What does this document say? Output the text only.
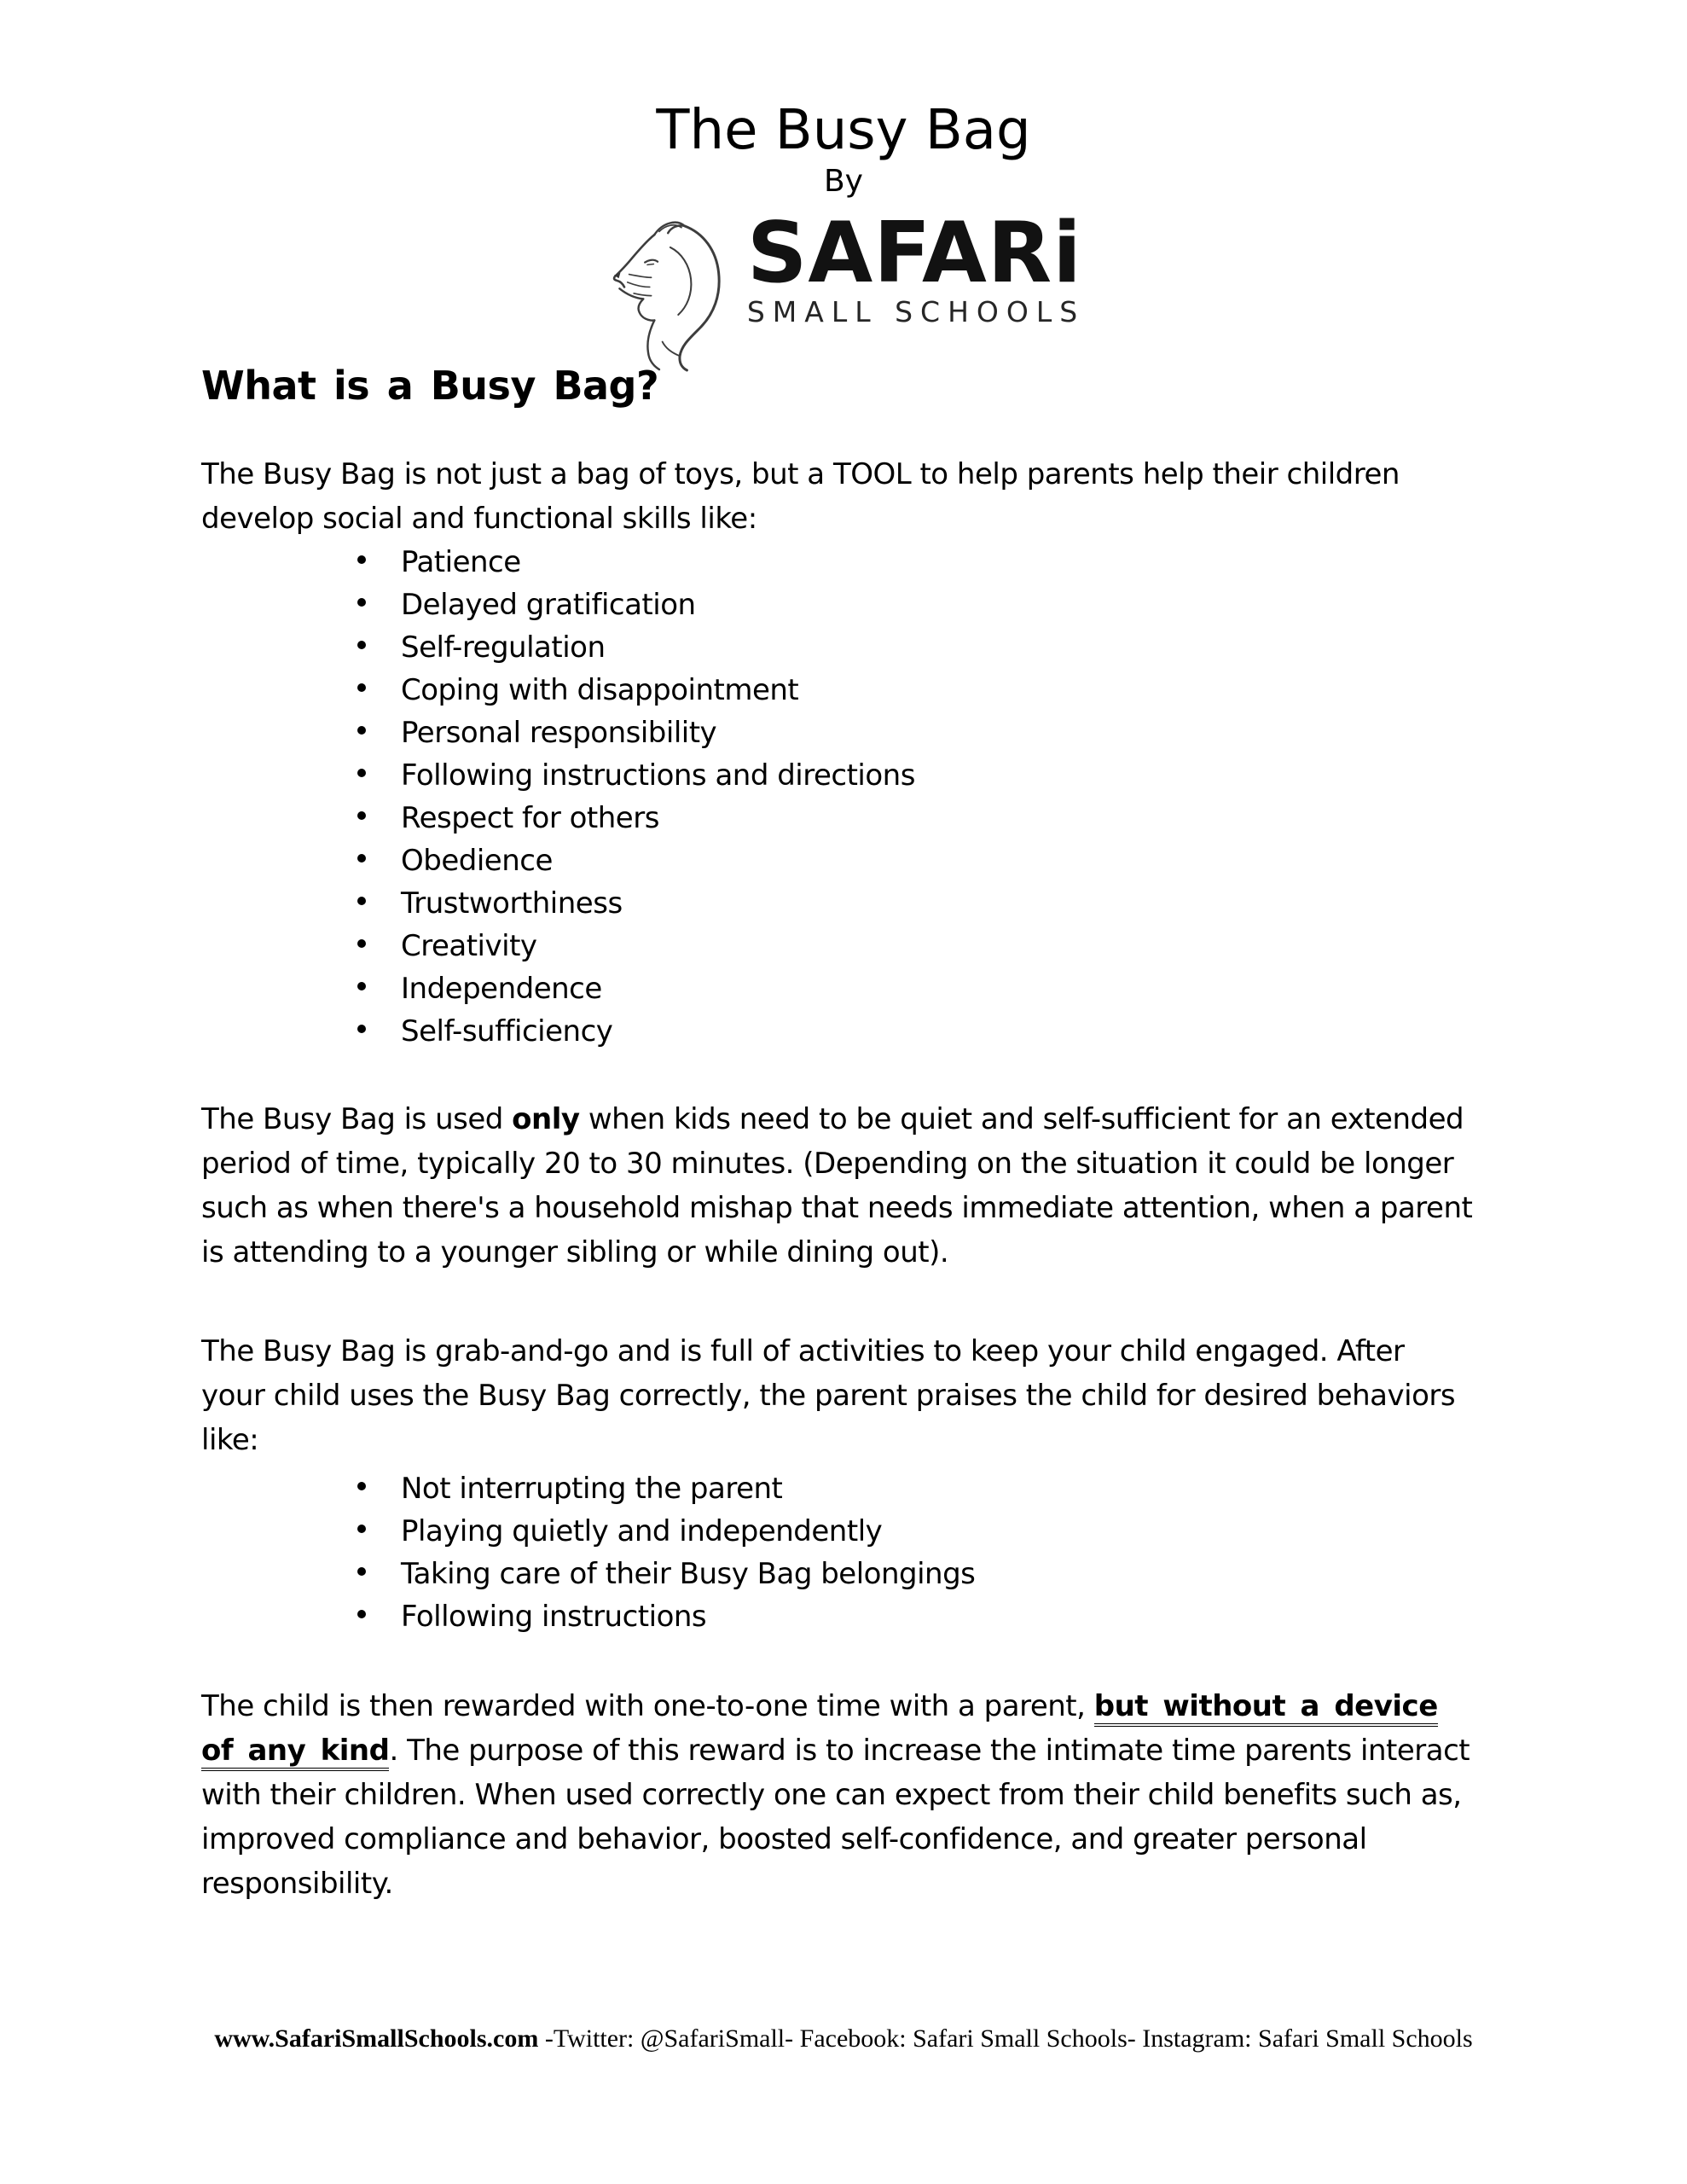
The Busy Bag
By
SAFARi
SMALL SCHOOLS
What is a Busy Bag?

The Busy Bag is not just a bag of toys, but a TOOL to help parents help their children develop social and functional skills like:

Patience
Delayed gratification
Self-regulation
Coping with disappointment
Personal responsibility
Following instructions and directions
Respect for others
Obedience
Trustworthiness
Creativity
Independence
Self-sufficiency

The Busy Bag is used only when kids need to be quiet and self-sufficient for an extended period of time, typically 20 to 30 minutes. (Depending on the situation it could be longer such as when there's a household mishap that needs immediate attention, when a parent is attending to a younger sibling or while dining out).

The Busy Bag is grab-and-go and is full of activities to keep your child engaged. After your child uses the Busy Bag correctly, the parent praises the child for desired behaviors like:

Not interrupting the parent
Playing quietly and independently
Taking care of their Busy Bag belongings
Following instructions

The child is then rewarded with one-to-one time with a parent, but without a device of any kind. The purpose of this reward is to increase the intimate time parents interact with their children. When used correctly one can expect from their child benefits such as, improved compliance and behavior, boosted self-confidence, and greater personal responsibility.

www.SafariSmallSchools.com -Twitter: @SafariSmall- Facebook: Safari Small Schools- Instagram: Safari Small Schools
